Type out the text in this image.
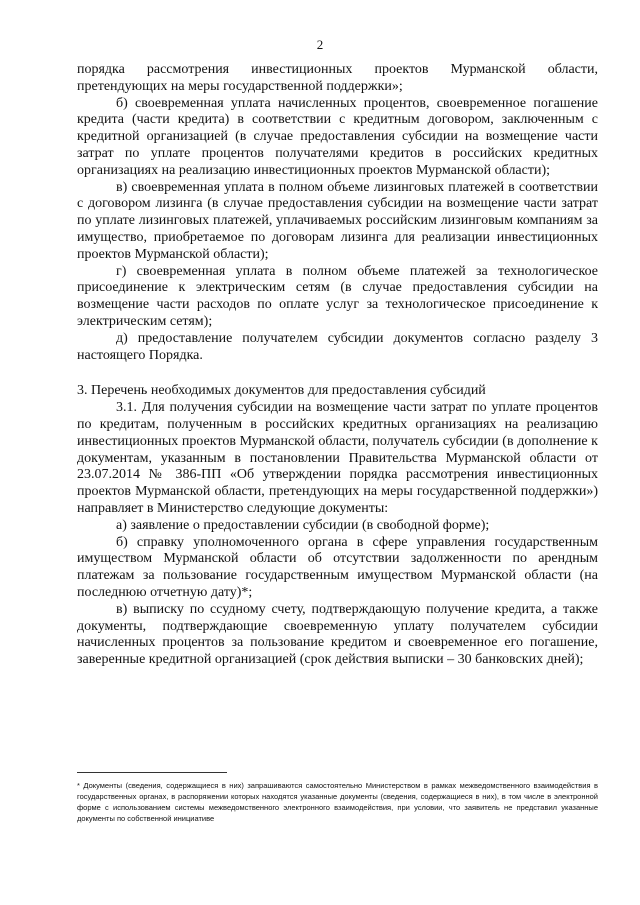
2

порядка рассмотрения инвестиционных проектов Мурманской области, претендующих на меры государственной поддержки»;

б) своевременная уплата начисленных процентов, своевременное погашение кредита (части кредита) в соответствии с кредитным договором, заключенным с кредитной организацией (в случае предоставления субсидии на возмещение части затрат по уплате процентов получателями кредитов в российских кредитных организациях на реализацию инвестиционных проектов Мурманской области);

в) своевременная уплата в полном объеме лизинговых платежей в соответствии с договором лизинга (в случае предоставления субсидии на возмещение части затрат по уплате лизинговых платежей, уплачиваемых российским лизинговым компаниям за имущество, приобретаемое по договорам лизинга для реализации инвестиционных проектов Мурманской области);

г) своевременная уплата в полном объеме платежей за технологическое присоединение к электрическим сетям (в случае предоставления субсидии на возмещение части расходов по оплате услуг за технологическое присоединение к электрическим сетям);

д) предоставление получателем субсидии документов согласно разделу 3 настоящего Порядка.

3. Перечень необходимых документов для предоставления субсидий

3.1. Для получения субсидии на возмещение части затрат по уплате процентов по кредитам, полученным в российских кредитных организациях на реализацию инвестиционных проектов Мурманской области, получатель субсидии (в дополнение к документам, указанным в постановлении Правительства Мурманской области от 23.07.2014 № 386-ПП «Об утверждении порядка рассмотрения инвестиционных проектов Мурманской области, претендующих на меры государственной поддержки») направляет в Министерство следующие документы:

а) заявление о предоставлении субсидии (в свободной форме);

б) справку уполномоченного органа в сфере управления государственным имуществом Мурманской области об отсутствии задолженности по арендным платежам за пользование государственным имуществом Мурманской области (на последнюю отчетную дату)*;

в) выписку по ссудному счету, подтверждающую получение кредита, а также документы, подтверждающие своевременную уплату получателем субсидии начисленных процентов за пользование кредитом и своевременное его погашение, заверенные кредитной организацией (срок действия выписки – 30 банковских дней);

* Документы (сведения, содержащиеся в них) запрашиваются самостоятельно Министерством в рамках межведомственного взаимодействия в государственных органах, в распоряжении которых находятся указанные документы (сведения, содержащиеся в них), в том числе в электронной форме с использованием системы межведомственного электронного взаимодействия, при условии, что заявитель не представил указанные документы по собственной инициативе
